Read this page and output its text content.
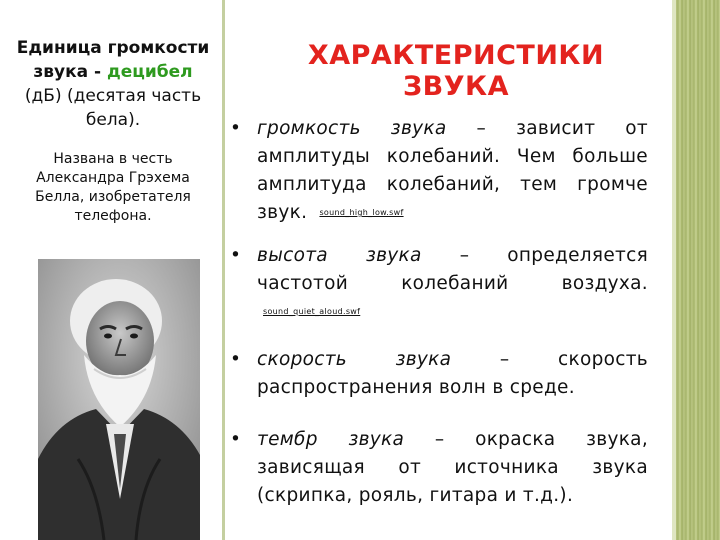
Единица громкости
звука - децибел
(дБ) (десятая часть
бела).
Названа в честь
Александра Грэхема
Белла, изобретателя
телефона.
ХАРАКТЕРИСТИКИ ЗВУКА
• громкость звука – зависит от амплитуды колебаний. Чем больше амплитуда колебаний, тем громче звук. sound_high_low.swf
• высота звука – определяется частотой колебаний воздуха. sound_quiet_aloud.swf
• скорость звука – скорость распространения волн в среде.
• тембр звука – окраска звука, зависящая от источника звука (скрипка, рояль, гитара и т.д.).
